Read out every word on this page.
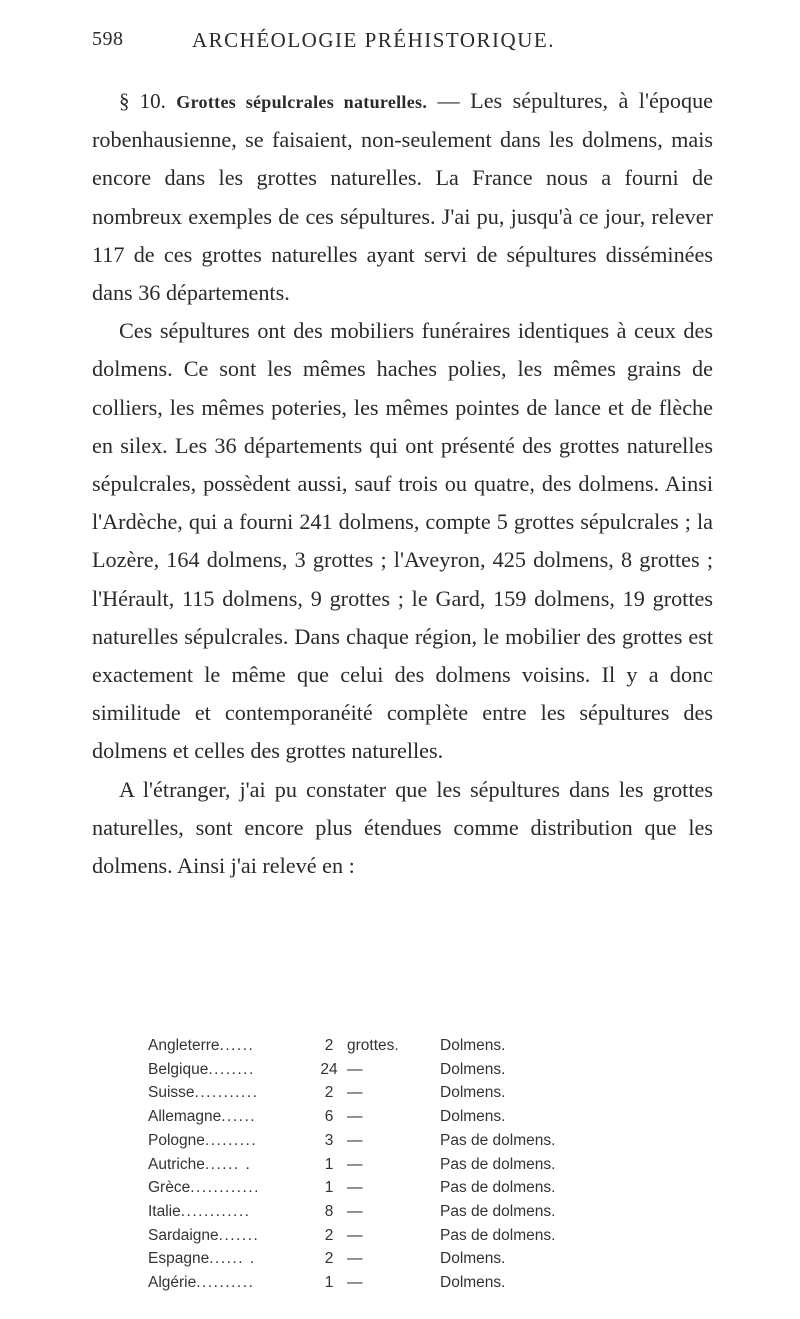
598	ARCHÉOLOGIE PRÉHISTORIQUE.

§ 10. Grottes sépulcrales naturelles. — Les sépultures, à l'époque robenhausienne, se faisaient, non-seulement dans les dolmens, mais encore dans les grottes naturelles. La France nous a fourni de nombreux exemples de ces sépultures. J'ai pu, jusqu'à ce jour, relever 117 de ces grottes naturelles ayant servi de sépultures disséminées dans 36 départements.

Ces sépultures ont des mobiliers funéraires identiques à ceux des dolmens. Ce sont les mêmes haches polies, les mêmes grains de colliers, les mêmes poteries, les mêmes pointes de lance et de flèche en silex. Les 36 départements qui ont présenté des grottes naturelles sépulcrales, possèdent aussi, sauf trois ou quatre, des dolmens. Ainsi l'Ardèche, qui a fourni 241 dolmens, compte 5 grottes sépulcrales ; la Lozère, 164 dolmens, 3 grottes ; l'Aveyron, 425 dolmens, 8 grottes ; l'Hérault, 115 dolmens, 9 grottes ; le Gard, 159 dolmens, 19 grottes naturelles sépulcrales. Dans chaque région, le mobilier des grottes est exactement le même que celui des dolmens voisins. Il y a donc similitude et contemporanéité complète entre les sépultures des dolmens et celles des grottes naturelles.

A l'étranger, j'ai pu constater que les sépultures dans les grottes naturelles, sont encore plus étendues comme distribution que les dolmens. Ainsi j'ai relevé en :

Angleterre......	2	grottes.	Dolmens.
Belgique........	24	—	Dolmens.
Suisse...........	2	—	Dolmens.
Allemagne......	6	—	Dolmens.
Pologne.........	3	—	Pas de dolmens.
Autriche...... .	1	—	Pas de dolmens.
Grèce............	1	—	Pas de dolmens.
Italie............	8	—	Pas de dolmens.
Sardaigne.......	2	—	Pas de dolmens.
Espagne...... .	2	—	Dolmens.
Algérie..........	1	—	Dolmens.
